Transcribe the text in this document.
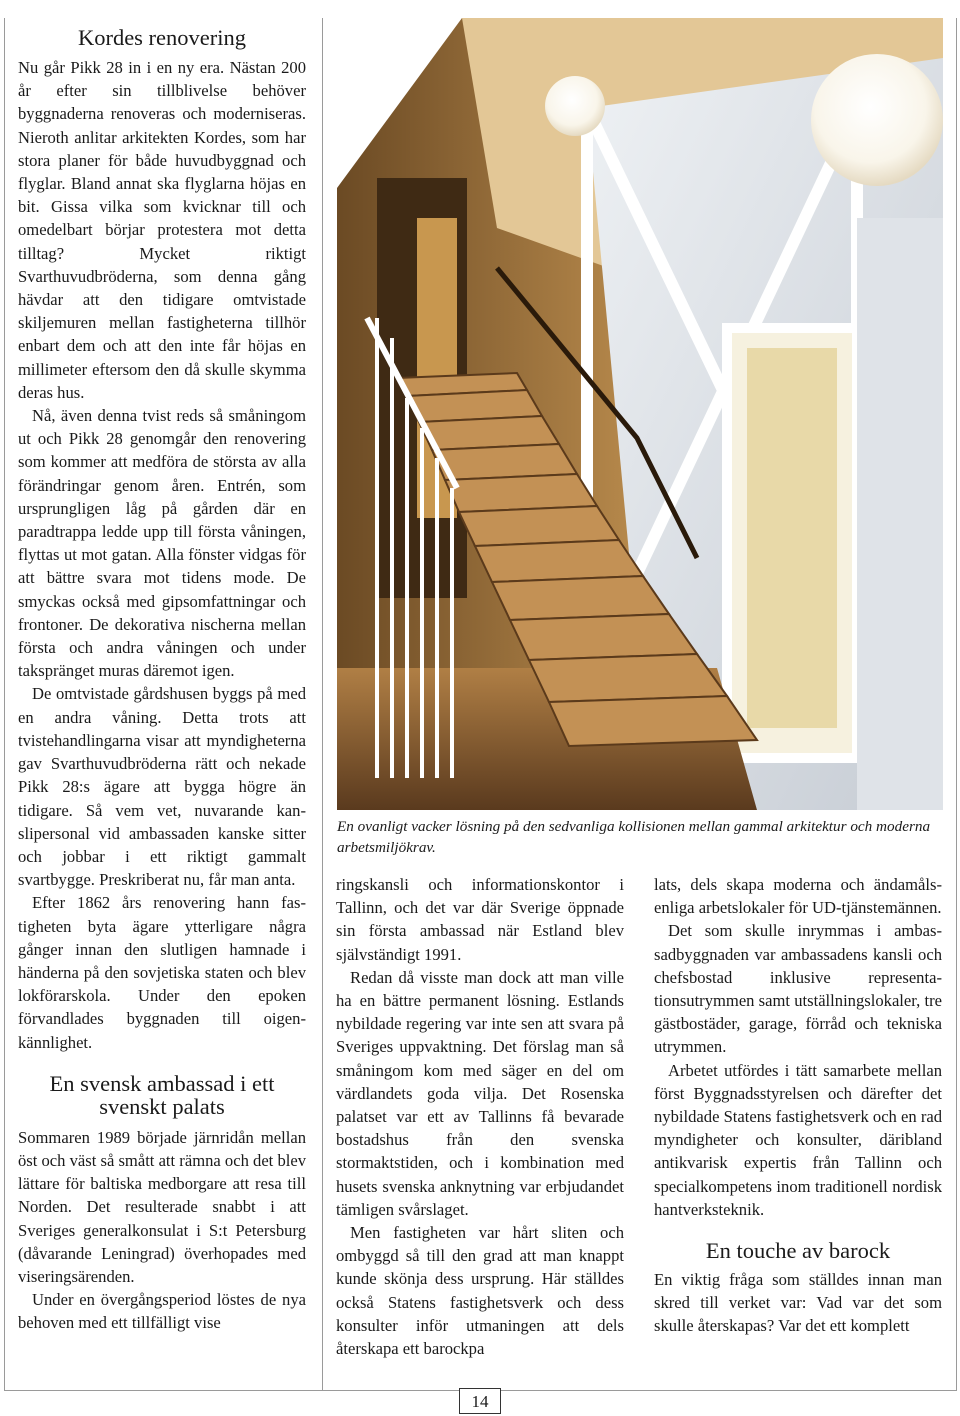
Kordes renovering

Nu går Pikk 28 in i en ny era. Nästan 200 år efter sin tillblivelse behöver byggnaderna renoveras och moderniseras. Nieroth anlitar arkitekten Kordes, som har stora planer för både huvudbyggnad och flyglar. Bland annat ska flyglarna höjas en bit. Gissa vilka som kvicknar till och omedelbart börjar protestera mot detta tilltag? Mycket riktigt Svarthuvudbröderna, som denna gång hävdar att den tidigare omtvistade skiljemuren mellan fastigheterna tillhör enbart dem och att den inte får höjas en millimeter eftersom den då skulle skymma deras hus.

Nå, även denna tvist reds så småningom ut och Pikk 28 genomgår den renovering som kommer att medföra de största av alla förändringar genom åren. Entrén, som ursprungligen låg på gården där en paradtrappa ledde upp till första våningen, flyttas ut mot gatan. Alla fönster vidgas för att bättre svara mot tidens mode. De smyckas också med gipsomfattningar och frontoner. De dekorativa nischerna mellan första och andra våningen och under takspränget muras däremot igen.

De omtvistade gårdshusen byggs på med en andra våning. Detta trots att tvistehandlingarna visar att myndigheterna gav Svarthuvudbröderna rätt och nekade Pikk 28:s ägare att bygga högre än tidigare. Så vem vet, nuvarande kanslipersonal vid ambassaden kanske sitter och jobbar i ett riktigt gammalt svartbygge. Preskriberat nu, får man anta.

Efter 1862 års renovering hann fastigheten byta ägare ytterligare några gånger innan den slutligen hamnade i händerna på den sovjetiska staten och blev lokförarskola. Under den epoken förvandlades byggnaden till oigenkännlighet.

En svensk ambassad i ett svenskt palats

Sommaren 1989 började järnridån mellan öst och väst så smått att rämna och det blev lättare för baltiska medborgare att resa till Norden. Det resulterade snabbt i att Sveriges generalkonsulat i S:t Petersburg (dåvarande Leningrad) överhopades med viseringsärenden.

Under en övergångsperiod löstes de nya behoven med ett tillfälligt vise

En ovanligt vacker lösning på den sedvanliga kollisionen mellan gammal arkitektur och moderna arbetsmiljökrav.

ringskansli och informationskontor i Tallinn, och det var där Sverige öppnade sin första ambassad när Estland blev självständigt 1991.

Redan då visste man dock att man ville ha en bättre permanent lösning. Estlands nybildade regering var inte sen att svara på Sveriges uppvaktning. Det förslag man så småningom kom med säger en del om värdlandets goda vilja. Det Rosenska palatset var ett av Tallinns få bevarade bostadshus från den svenska stormaktstiden, och i kombination med husets svenska anknytning var erbjudandet tämligen svårslaget.

Men fastigheten var hårt sliten och ombyggd så till den grad att man knappt kunde skönja dess ursprung. Här ställdes också Statens fastighetsverk och dess konsulter inför utmaningen att dels återskapa ett barockpa

lats, dels skapa moderna och ändamålsenliga arbetslokaler för UD-tjänstemännen.

Det som skulle inrymmas i ambassadbyggnaden var ambassadens kansli och chefsbostad inklusive representationsutrymmen samt utställningslokaler, tre gästbostäder, garage, förråd och tekniska utrymmen.

Arbetet utfördes i tätt samarbete mellan först Byggnadsstyrelsen och därefter det nybildade Statens fastighetsverk och en rad myndigheter och konsulter, däribland antikvarisk expertis från Tallinn och specialkompetens inom traditionell nordisk hantverksteknik.

En touche av barock

En viktig fråga som ställdes innan man skred till verket var: Vad var det som skulle återskapas? Var det ett komplett

14
